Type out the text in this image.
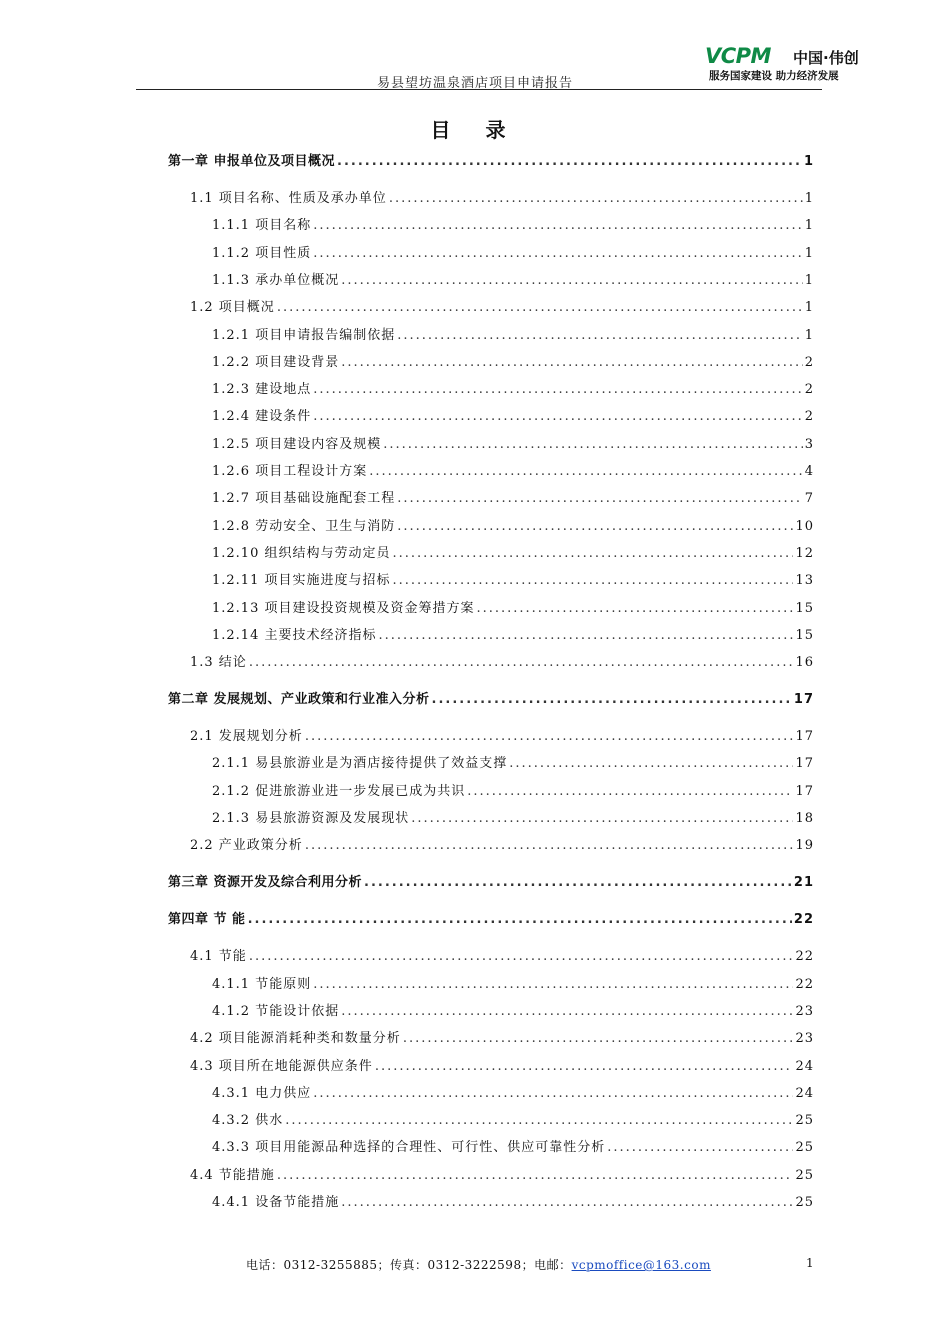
易县望坊温泉酒店项目申请报告
VCPM 中国·伟创
服务国家建设 助力经济发展
目 录
第一章 申报单位及项目概况 .....	1
1.1 项目名称、性质及承办单位 .....	1
1.1.1 项目名称 .....	1
1.1.2 项目性质 .....	1
1.1.3 承办单位概况 .....	1
1.2 项目概况 .....	1
1.2.1 项目申请报告编制依据 .....	1
1.2.2 项目建设背景 .....	2
1.2.3 建设地点 .....	2
1.2.4 建设条件 .....	2
1.2.5 项目建设内容及规模 .....	3
1.2.6 项目工程设计方案 .....	4
1.2.7 项目基础设施配套工程 .....	7
1.2.8 劳动安全、卫生与消防 .....	10
1.2.10 组织结构与劳动定员 .....	12
1.2.11 项目实施进度与招标 .....	13
1.2.13 项目建设投资规模及资金筹措方案 .....	15
1.2.14 主要技术经济指标 .....	15
1.3 结论 .....	16
第二章 发展规划、产业政策和行业准入分析 .....	17
2.1 发展规划分析 .....	17
2.1.1 易县旅游业是为酒店接待提供了效益支撑 .....	17
2.1.2 促进旅游业进一步发展已成为共识 .....	17
2.1.3 易县旅游资源及发展现状 .....	18
2.2 产业政策分析 .....	19
第三章 资源开发及综合利用分析 .....	21
第四章 节 能 .....	22
4.1 节能 .....	22
4.1.1 节能原则 .....	22
4.1.2 节能设计依据 .....	23
4.2 项目能源消耗种类和数量分析 .....	23
4.3 项目所在地能源供应条件 .....	24
4.3.1 电力供应 .....	24
4.3.2 供水 .....	25
4.3.3 项目用能源品种选择的合理性、可行性、供应可靠性分析 .....	25
4.4 节能措施 .....	25
4.4.1 设备节能措施 .....	25
电话：0312-3255885；传真：0312-3222598；电邮：vcpmoffice@163.com	1
